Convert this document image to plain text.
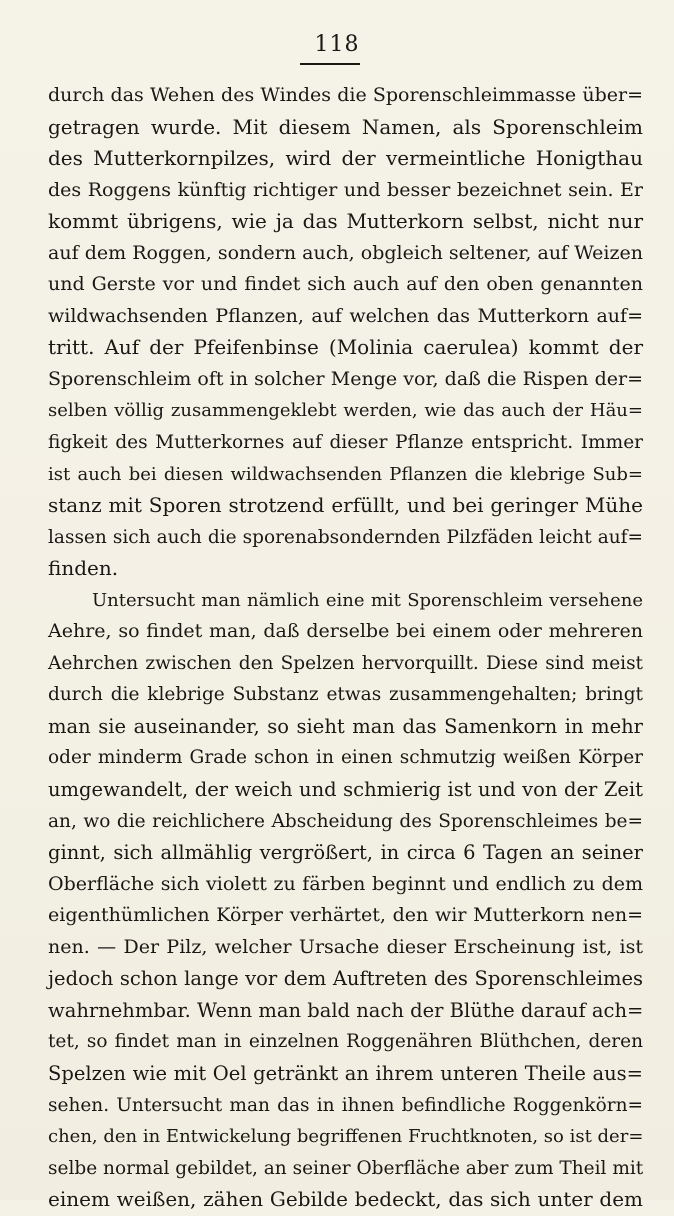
118
durch das Wehen des Windes die Sporenschleimmasse über=
getragen wurde. Mit diesem Namen, als Sporenschleim
des Mutterkornpilzes, wird der vermeintliche Honigthau
des Roggens künftig richtiger und besser bezeichnet sein. Er
kommt übrigens, wie ja das Mutterkorn selbst, nicht nur
auf dem Roggen, sondern auch, obgleich seltener, auf Weizen
und Gerste vor und findet sich auch auf den oben genannten
wildwachsenden Pflanzen, auf welchen das Mutterkorn auf=
tritt. Auf der Pfeifenbinse (Molinia caerulea) kommt der
Sporenschleim oft in solcher Menge vor, daß die Rispen der=
selben völlig zusammengeklebt werden, wie das auch der Häu=
figkeit des Mutterkornes auf dieser Pflanze entspricht. Immer
ist auch bei diesen wildwachsenden Pflanzen die klebrige Sub=
stanz mit Sporen strotzend erfüllt, und bei geringer Mühe
lassen sich auch die sporenabsondernden Pilzfäden leicht auf=
finden.
Untersucht man nämlich eine mit Sporenschleim versehene
Aehre, so findet man, daß derselbe bei einem oder mehreren
Aehrchen zwischen den Spelzen hervorquillt. Diese sind meist
durch die klebrige Substanz etwas zusammengehalten; bringt
man sie auseinander, so sieht man das Samenkorn in mehr
oder minderm Grade schon in einen schmutzig weißen Körper
umgewandelt, der weich und schmierig ist und von der Zeit
an, wo die reichlichere Abscheidung des Sporenschleimes be=
ginnt, sich allmählig vergrößert, in circa 6 Tagen an seiner
Oberfläche sich violett zu färben beginnt und endlich zu dem
eigenthümlichen Körper verhärtet, den wir Mutterkorn nen=
nen. — Der Pilz, welcher Ursache dieser Erscheinung ist, ist
jedoch schon lange vor dem Auftreten des Sporenschleimes
wahrnehmbar. Wenn man bald nach der Blüthe darauf ach=
tet, so findet man in einzelnen Roggenähren Blüthchen, deren
Spelzen wie mit Oel getränkt an ihrem unteren Theile aus=
sehen. Untersucht man das in ihnen befindliche Roggenkörn=
chen, den in Entwickelung begriffenen Fruchtknoten, so ist der=
selbe normal gebildet, an seiner Oberfläche aber zum Theil mit
einem weißen, zähen Gebilde bedeckt, das sich unter dem
